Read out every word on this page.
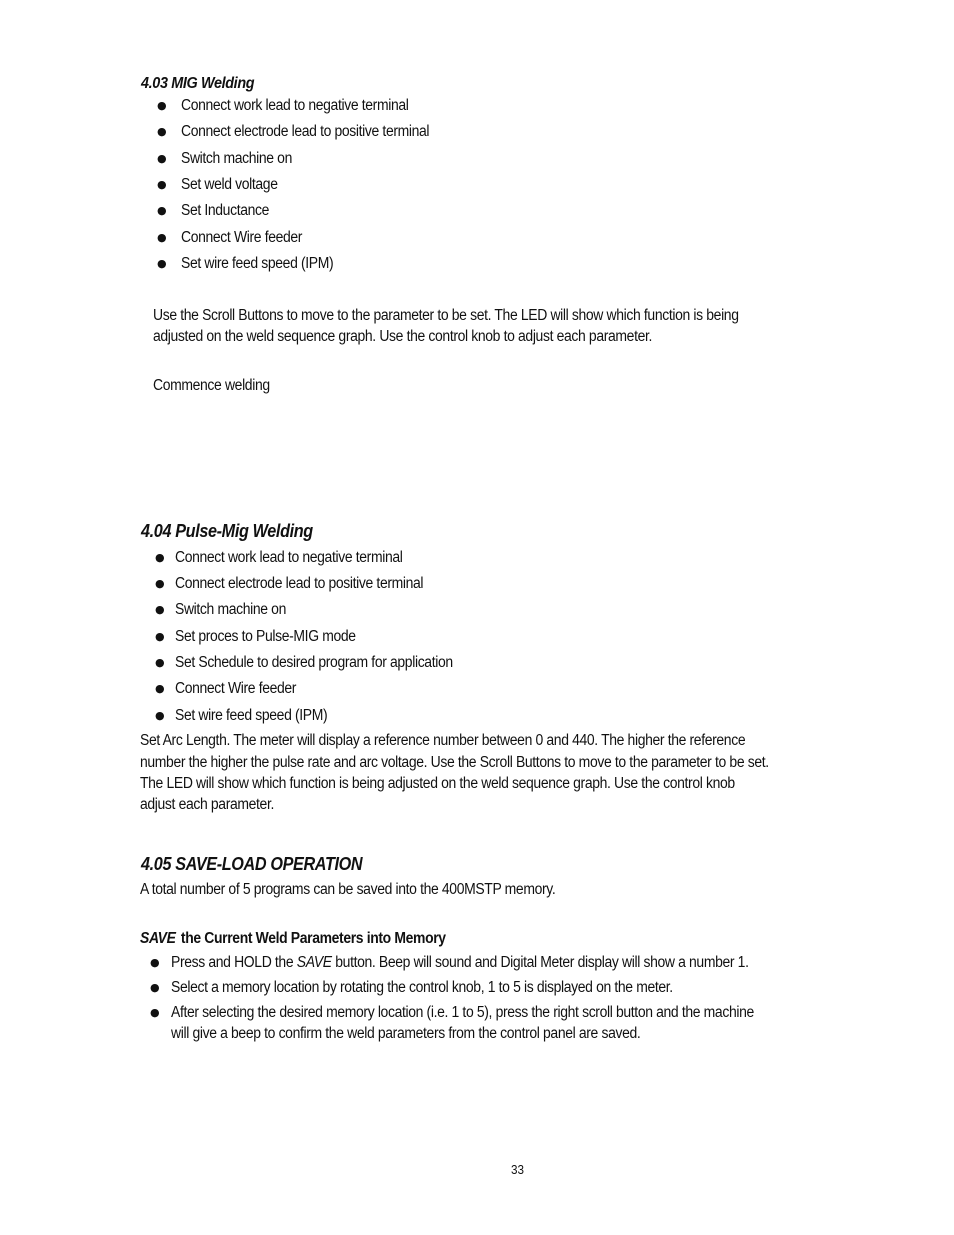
4.03 MIG Welding
● Connect work lead to negative terminal
● Connect electrode lead to positive terminal
● Switch machine on
● Set weld voltage
● Set Inductance
● Connect Wire feeder
● Set wire feed speed (IPM)
Use the Scroll Buttons to move to the parameter to be set. The LED will show which function is being
adjusted on the weld sequence graph. Use the control knob to adjust each parameter.
Commence welding
4.04 Pulse-Mig Welding
● Connect work lead to negative terminal
● Connect electrode lead to positive terminal
● Switch machine on
● Set proces to Pulse-MIG mode
● Set Schedule to desired program for application
● Connect Wire feeder
● Set wire feed speed (IPM)
Set Arc Length. The meter will display a reference number between 0 and 440. The higher the reference
number the higher the pulse rate and arc voltage. Use the Scroll Buttons to move to the parameter to be set.
The LED will show which function is being adjusted on the weld sequence graph. Use the control knob
adjust each parameter.
4.05 SAVE-LOAD OPERATION
A total number of 5 programs can be saved into the 400MSTP memory.
SAVE the Current Weld Parameters into Memory
● Press and HOLD the SAVE button. Beep will sound and Digital Meter display will show a number 1.
● Select a memory location by rotating the control knob, 1 to 5 is displayed on the meter.
● After selecting the desired memory location (i.e. 1 to 5), press the right scroll button and the machine
will give a beep to confirm the weld parameters from the control panel are saved.
33
